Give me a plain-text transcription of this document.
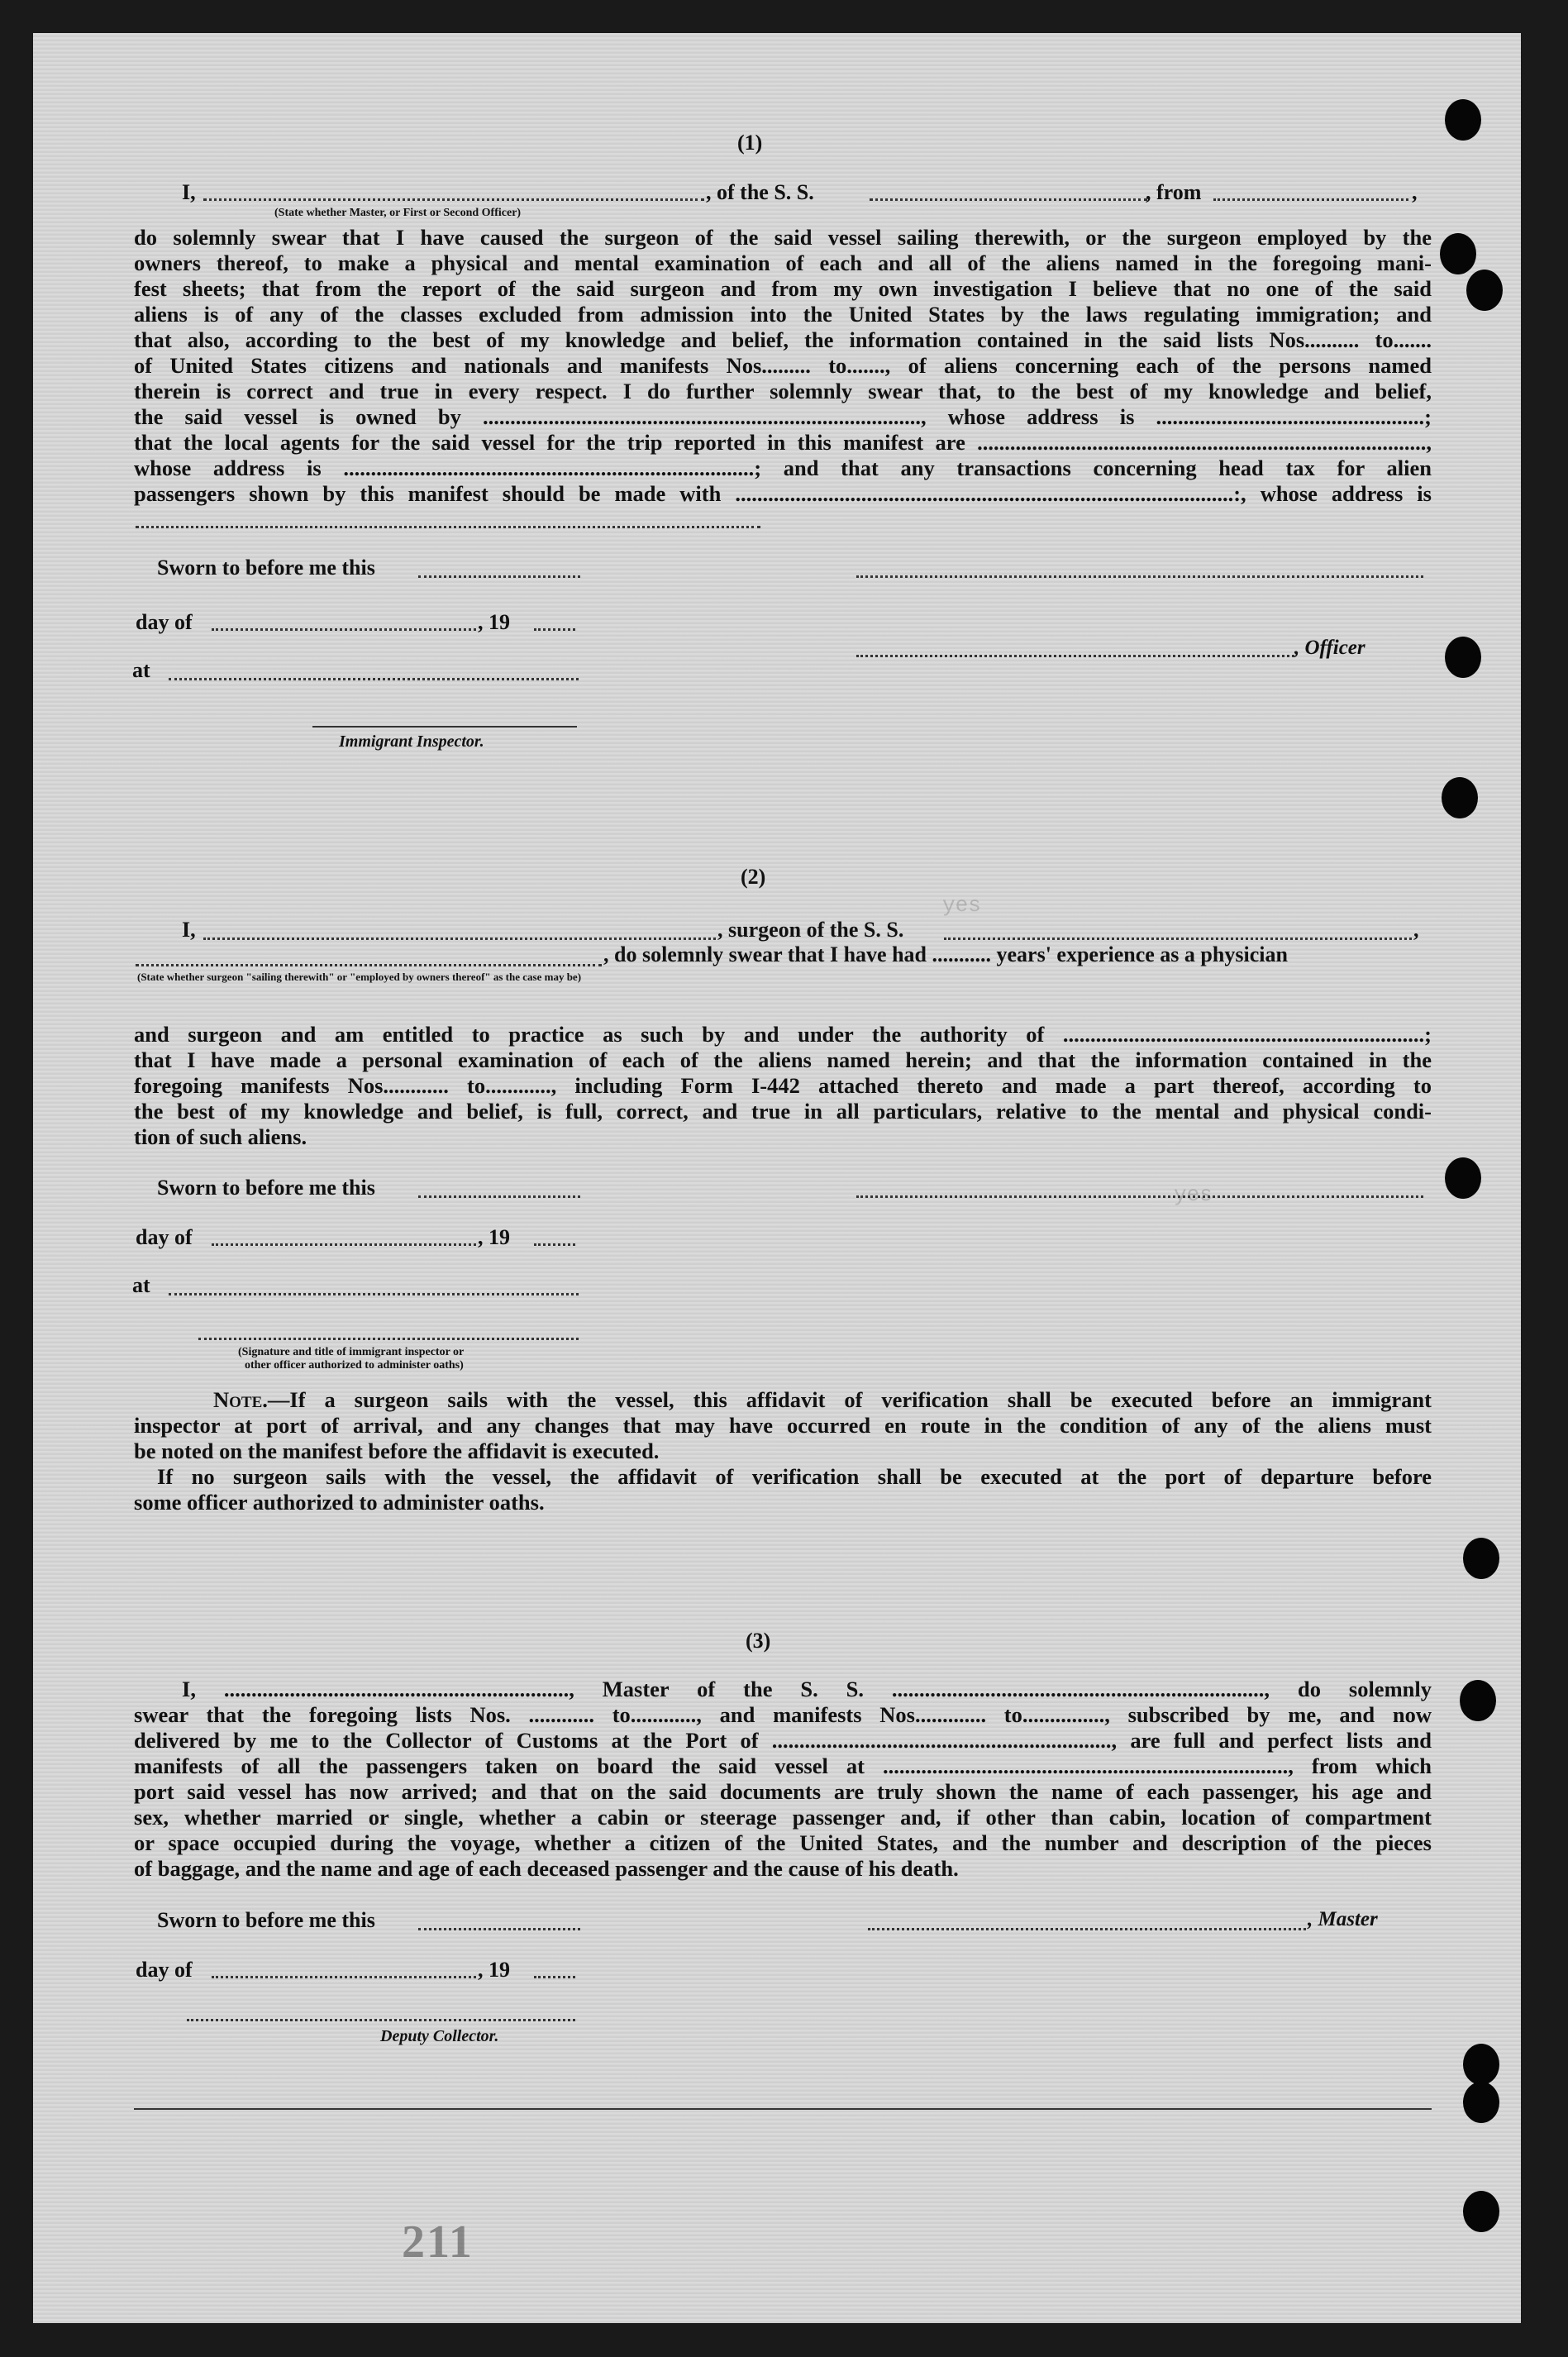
yes
yes
(1)
I,	, of the S. S.	, from	,
(State whether Master, or First or Second Officer)
do solemnly swear that I have caused the surgeon of the said vessel sailing therewith, or the surgeon employed by the
owners thereof, to make a physical and mental examination of each and all of the aliens named in the foregoing mani-
fest sheets; that from the report of the said surgeon and from my own investigation I believe that no one of the said
aliens is of any of the classes excluded from admission into the United States by the laws regulating immigration; and
that also, according to the best of my knowledge and belief, the information contained in the said lists Nos.......... to.......
of United States citizens and nationals and manifests Nos......... to......., of aliens concerning each of the persons named
therein is correct and true in every respect. I do further solemnly swear that, to the best of my knowledge and belief,
the said vessel is owned by ................................................................................, whose address is .................................................;
that the local agents for the said vessel for the trip reported in this manifest are ..................................................................................,
whose address is ...........................................................................; and that any transactions concerning head tax for alien
passengers shown by this manifest should be made with ...........................................................................................:, whose address is
Sworn to before me this
day of	, 19
, Officer
at
Immigrant Inspector.
(2)
I,	, surgeon of the S. S.	,
, do solemnly swear that I have had ........... years' experience as a physician
(State whether surgeon "sailing therewith" or "employed by owners thereof" as the case may be)
and surgeon and am entitled to practice as such by and under the authority of ..................................................................;
that I have made a personal examination of each of the aliens named herein; and that the information contained in the
foregoing manifests Nos............ to............, including Form I-442 attached thereto and made a part thereof, according to
the best of my knowledge and belief, is full, correct, and true in all particulars, relative to the mental and physical condi-
tion of such aliens.
Sworn to before me this
day of	, 19
at
(Signature and title of immigrant inspector or
other officer authorized to administer oaths)
Note.—If a surgeon sails with the vessel, this affidavit of verification shall be executed before an immigrant
inspector at port of arrival, and any changes that may have occurred en route in the condition of any of the aliens must
be noted on the manifest before the affidavit is executed.
If no surgeon sails with the vessel, the affidavit of verification shall be executed at the port of departure before
some officer authorized to administer oaths.
(3)
I, ..............................................................., Master of the S. S. ...................................................................., do solemnly
swear that the foregoing lists Nos. ............ to............, and manifests Nos............. to..............., subscribed by me, and now
delivered by me to the Collector of Customs at the Port of .............................................................., are full and perfect lists and
manifests of all the passengers taken on board the said vessel at .........................................................................., from which
port said vessel has now arrived; and that on the said documents are truly shown the name of each passenger, his age and
sex, whether married or single, whether a cabin or steerage passenger and, if other than cabin, location of compartment
or space occupied during the voyage, whether a citizen of the United States, and the number and description of the pieces
of baggage, and the name and age of each deceased passenger and the cause of his death.
Sworn to before me this	, Master
day of	, 19
Deputy Collector.
211
